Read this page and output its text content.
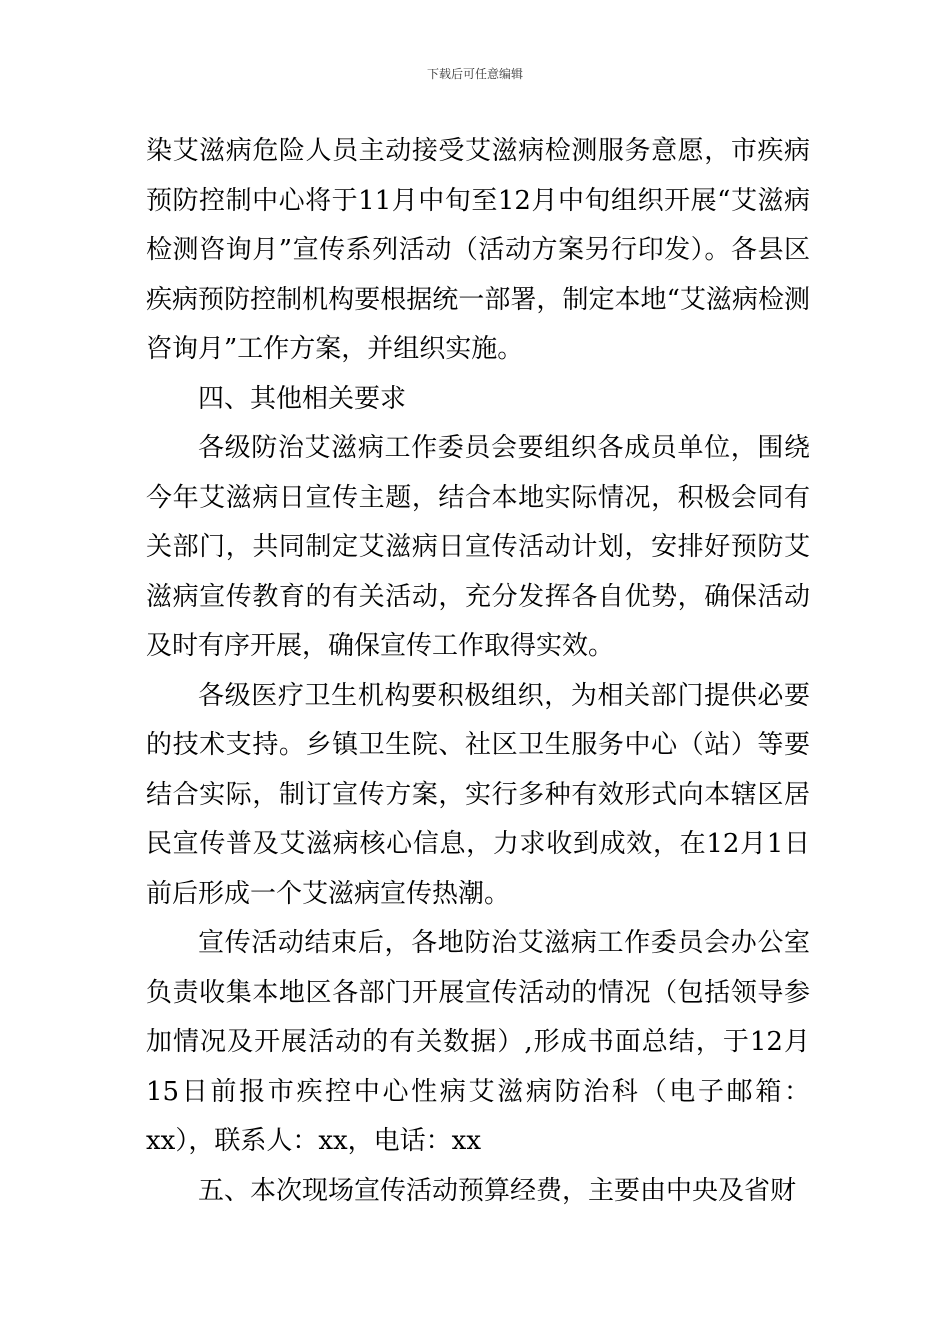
下载后可任意编辑

染艾滋病危险人员主动接受艾滋病检测服务意愿，市疾病预防控制中心将于11月中旬至12月中旬组织开展“艾滋病检测咨询月”宣传系列活动（活动方案另行印发）。各县区疾病预防控制机构要根据统一部署，制定本地“艾滋病检测咨询月”工作方案，并组织实施。

四、其他相关要求

各级防治艾滋病工作委员会要组织各成员单位，围绕今年艾滋病日宣传主题，结合本地实际情况，积极会同有关部门，共同制定艾滋病日宣传活动计划，安排好预防艾滋病宣传教育的有关活动，充分发挥各自优势，确保活动及时有序开展，确保宣传工作取得实效。

各级医疗卫生机构要积极组织，为相关部门提供必要的技术支持。乡镇卫生院、社区卫生服务中心（站）等要结合实际，制订宣传方案，实行多种有效形式向本辖区居民宣传普及艾滋病核心信息，力求收到成效，在12月1日前后形成一个艾滋病宣传热潮。

宣传活动结束后，各地防治艾滋病工作委员会办公室负责收集本地区各部门开展宣传活动的情况（包括领导参加情况及开展活动的有关数据）,形成书面总结，于12月15日前报市疾控中心性病艾滋病防治科（电子邮箱：xx），联系人：xx，电话：xx

五、本次现场宣传活动预算经费，主要由中央及省财
